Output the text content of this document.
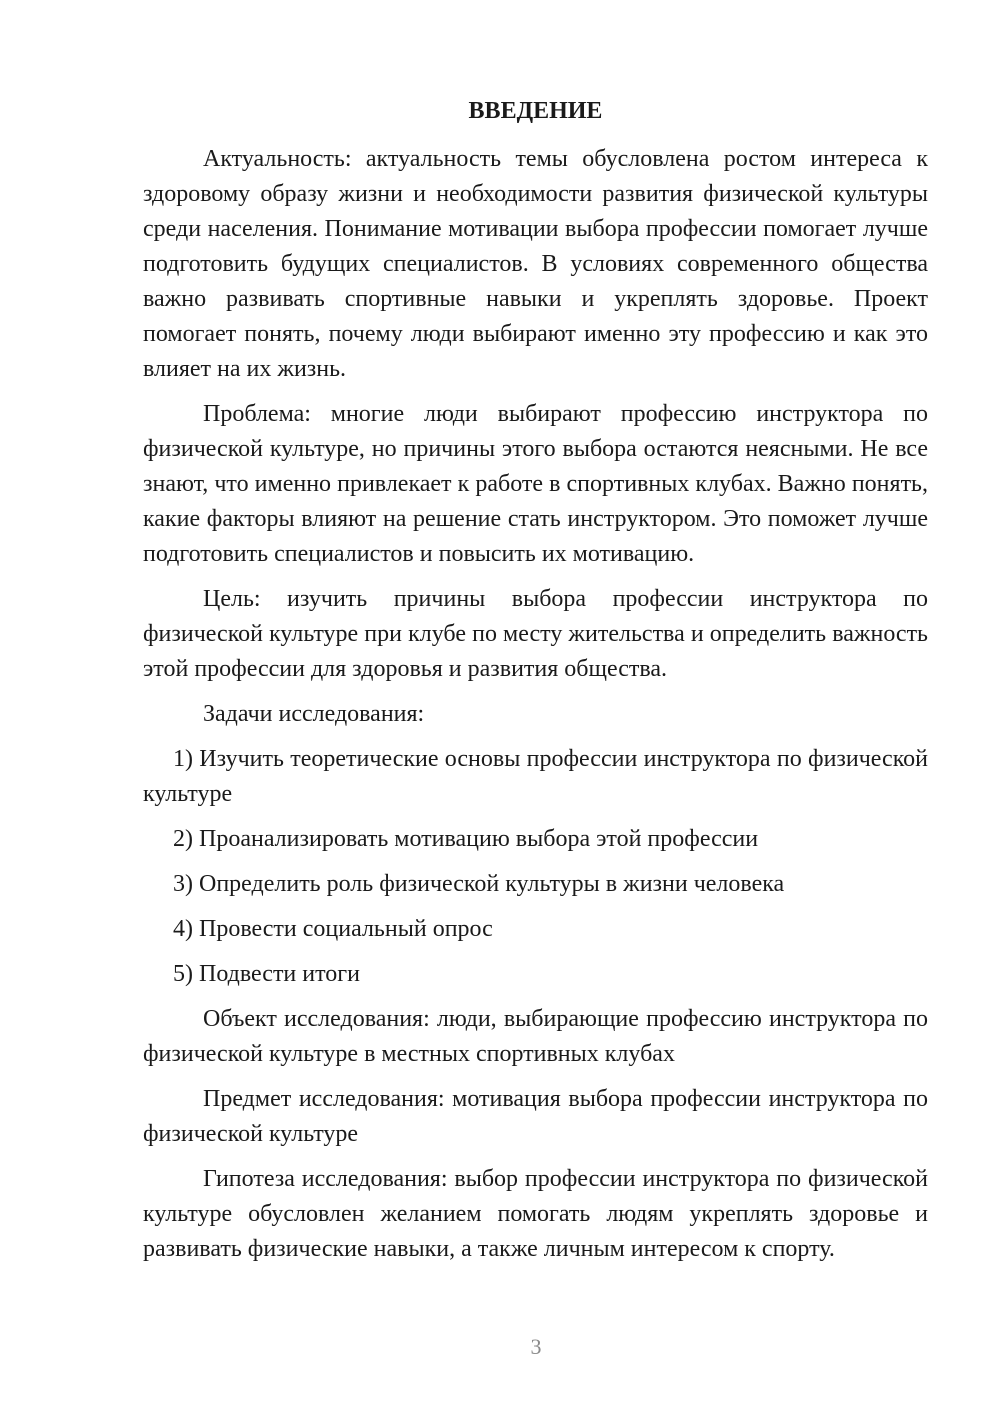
ВВЕДЕНИЕ

Актуальность: актуальность темы обусловлена ростом интереса к здоровому образу жизни и необходимости развития физической культуры среди населения. Понимание мотивации выбора профессии помогает лучше подготовить будущих специалистов. В условиях современного общества важно развивать спортивные навыки и укреплять здоровье. Проект помогает понять, почему люди выбирают именно эту профессию и как это влияет на их жизнь.

Проблема: многие люди выбирают профессию инструктора по физической культуре, но причины этого выбора остаются неясными. Не все знают, что именно привлекает к работе в спортивных клубах. Важно понять, какие факторы влияют на решение стать инструктором. Это поможет лучше подготовить специалистов и повысить их мотивацию.

Цель: изучить причины выбора профессии инструктора по физической культуре при клубе по месту жительства и определить важность этой профессии для здоровья и развития общества.

Задачи исследования:

1) Изучить теоретические основы профессии инструктора по физической культуре

2) Проанализировать мотивацию выбора этой профессии

3) Определить роль физической культуры в жизни человека

4) Провести социальный опрос

5) Подвести итоги

Объект исследования: люди, выбирающие профессию инструктора по физической культуре в местных спортивных клубах

Предмет исследования: мотивация выбора профессии инструктора по физической культуре

Гипотеза исследования: выбор профессии инструктора по физической культуре обусловлен желанием помогать людям укреплять здоровье и развивать физические навыки, а также личным интересом к спорту.

3
